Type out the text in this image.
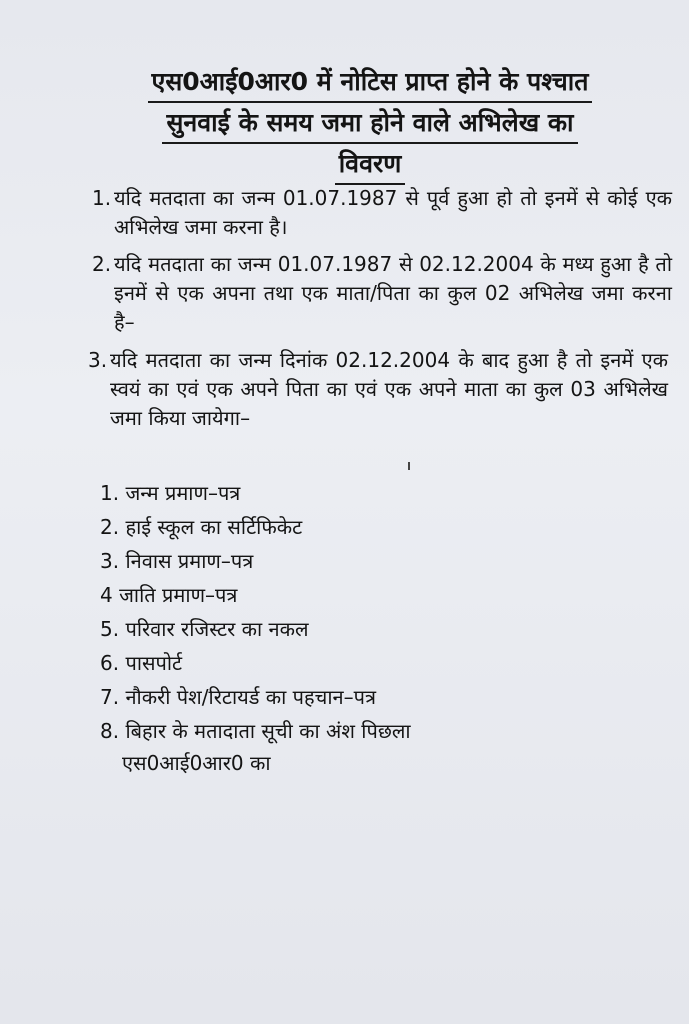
एस0आई0आर0 में नोटिस प्राप्त होने के पश्चात
सुनवाई के समय जमा होने वाले अभिलेख का
विवरण
1. यदि मतदाता का जन्म 01.07.1987 से पूर्व हुआ हो तो इनमें से कोई एक अभिलेख जमा करना है।
2. यदि मतदाता का जन्म 01.07.1987 से 02.12.2004 के मध्य हुआ है तो इनमें से एक अपना तथा एक माता/पिता का कुल 02 अभिलेख जमा करना है–
3. यदि मतदाता का जन्म दिनांक 02.12.2004 के बाद हुआ है तो इनमें एक स्वयं का एवं एक अपने पिता का एवं एक अपने माता का कुल 03 अभिलेख जमा किया जायेगा–
1. जन्म प्रमाण–पत्र
2. हाई स्कूल का सर्टिफिकेट
3. निवास प्रमाण–पत्र
4 जाति प्रमाण–पत्र
5. परिवार रजिस्टर का नकल
6. पासपोर्ट
7. नौकरी पेश/रिटायर्ड का पहचान–पत्र
8. बिहार के मतादाता सूची का अंश पिछला
एस0आई0आर0 का
